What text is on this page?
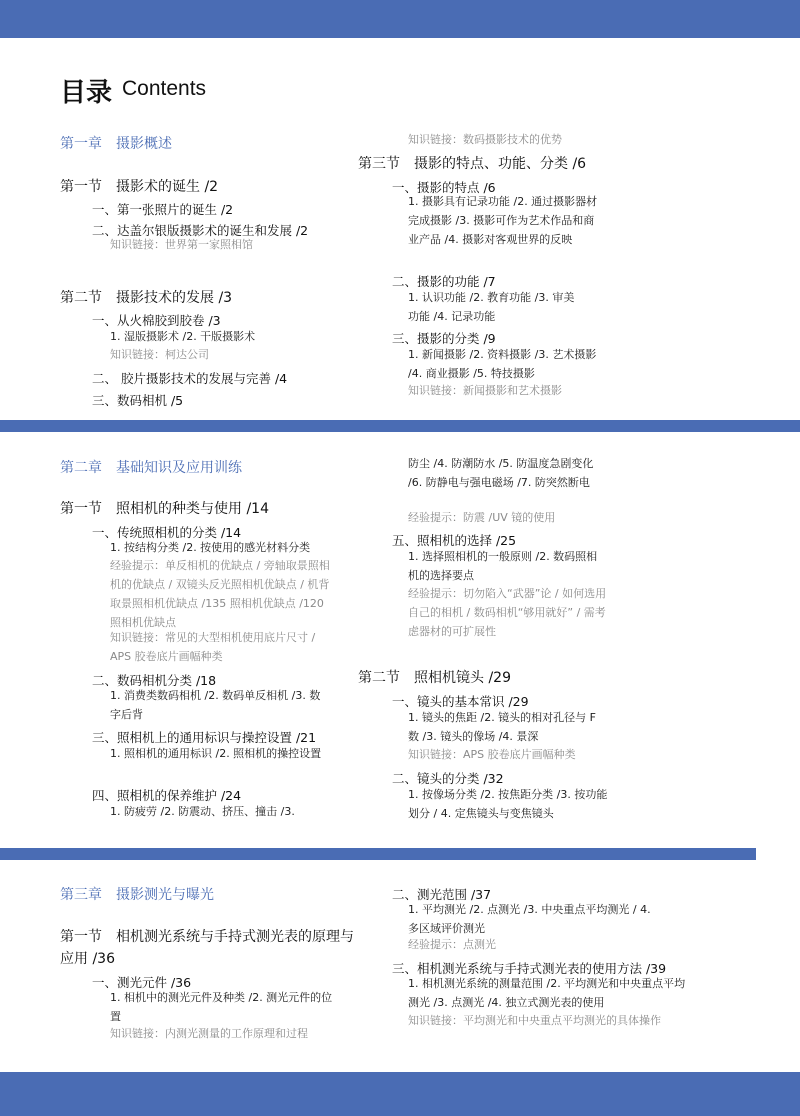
目录 Contents
第一章　摄影概述
第一节　摄影术的诞生 /2
一、第一张照片的诞生 /2
二、达盖尔银版摄影术的诞生和发展 /2
知识链接：世界第一家照相馆
第二节　摄影技术的发展 /3
一、从火棉胶到胶卷 /3
1. 湿版摄影术 /2. 干版摄影术
知识链接：柯达公司
二、 胶片摄影技术的发展与完善 /4
三、数码相机 /5
知识链接：数码摄影技术的优势
第三节　摄影的特点、功能、分类 /6
一、摄影的特点 /6
1. 摄影具有记录功能 /2. 通过摄影器材完成摄影 /3. 摄影可作为艺术作品和商业产品 /4. 摄影对客观世界的反映
二、摄影的功能 /7
1. 认识功能 /2. 教育功能 /3. 审美功能 /4. 记录功能
三、摄影的分类 /9
1. 新闻摄影 /2. 资料摄影 /3. 艺术摄影 /4. 商业摄影 /5. 特技摄影
知识链接：新闻摄影和艺术摄影
第二章　基础知识及应用训练
第一节　照相机的种类与使用 /14
一、传统照相机的分类 /14
1. 按结构分类 /2. 按使用的感光材料分类
经验提示：单反相机的优缺点 / 旁轴取景照相机的优缺点 / 双镜头反光照相机优缺点 / 机背取景照相机优缺点 /135 照相机优缺点 /120 照相机优缺点
知识链接：常见的大型相机使用底片尺寸 / APS 胶卷底片画幅种类
二、数码相机分类 /18
1. 消费类数码相机 /2. 数码单反相机 /3. 数字后背
三、照相机上的通用标识与操控设置 /21
1. 照相机的通用标识 /2. 照相机的操控设置
四、照相机的保养维护 /24
1. 防疲劳 /2. 防震动、挤压、撞击 /3.
防尘 /4. 防潮防水 /5. 防温度急剧变化 /6. 防静电与强电磁场 /7. 防突然断电
经验提示：防震 /UV 镜的使用
五、照相机的选择 /25
1. 选择照相机的一般原则 /2. 数码照相机的选择要点
经验提示：切勿陷入“武器”论 / 如何选用自己的相机 / 数码相机“够用就好” / 需考虑器材的可扩展性
第二节　照相机镜头 /29
一、镜头的基本常识 /29
1. 镜头的焦距 /2. 镜头的相对孔径与 F 数 /3. 镜头的像场 /4. 景深
知识链接：APS 胶卷底片画幅种类
二、镜头的分类 /32
1. 按像场分类 /2. 按焦距分类 /3. 按功能划分 / 4. 定焦镜头与变焦镜头
第三章　摄影测光与曝光
第一节　相机测光系统与手持式测光表的原理与应用 /36
一、测光元件 /36
1. 相机中的测光元件及种类 /2. 测光元件的位置
知识链接：内测光测量的工作原理和过程
二、测光范围 /37
1. 平均测光 /2. 点测光 /3. 中央重点平均测光 / 4. 多区域评价测光
经验提示：点测光
三、相机测光系统与手持式测光表的使用方法 /39
1. 相机测光系统的测量范围 /2. 平均测光和中央重点平均测光 /3. 点测光 /4. 独立式测光表的使用
知识链接：平均测光和中央重点平均测光的具体操作
